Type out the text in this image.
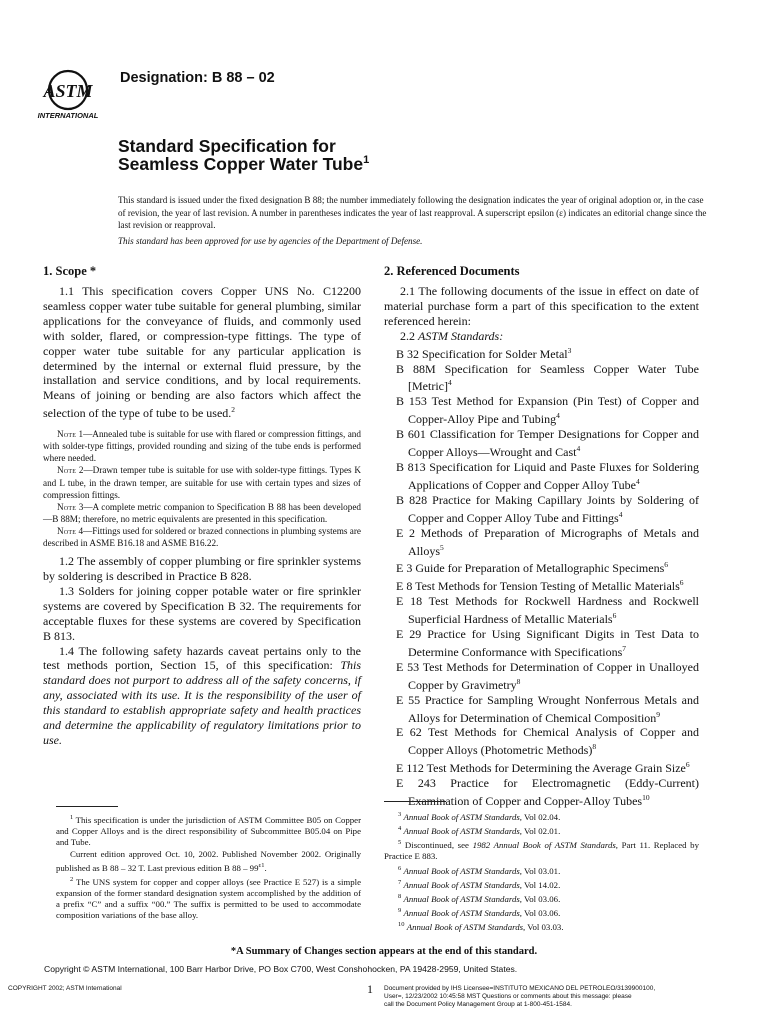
ASTM
INTERNATIONAL
Designation: B 88 – 02
Standard Specification for
Seamless Copper Water Tube$^1$
This standard is issued under the fixed designation B 88; the number immediately following the designation indicates the year of original adoption or, in the case of revision, the year of last revision. A number in parentheses indicates the year of last reapproval. A superscript epsilon (ε) indicates an editorial change since the last revision or reapproval.
This standard has been approved for use by agencies of the Department of Defense.
1. Scope *

1.1 This specification covers Copper UNS No. C12200 seamless copper water tube suitable for general plumbing, similar applications for the conveyance of fluids, and commonly used with solder, flared, or compression-type fittings. The type of copper water tube suitable for any particular application is determined by the internal or external fluid pressure, by the installation and service conditions, and by local requirements. Means of joining or bending are also factors which affect the selection of the type of tube to be used.$^2$

Note 1—Annealed tube is suitable for use with flared or compression fittings, and with solder-type fittings, provided rounding and sizing of the tube ends is performed where needed.

Note 2—Drawn temper tube is suitable for use with solder-type fittings. Types K and L tube, in the drawn temper, are suitable for use with certain types and sizes of compression fittings.

Note 3—A complete metric companion to Specification B 88 has been developed—B 88M; therefore, no metric equivalents are presented in this specification.

Note 4—Fittings used for soldered or brazed connections in plumbing systems are described in ASME B16.18 and ASME B16.22.

1.2 The assembly of copper plumbing or fire sprinkler systems by soldering is described in Practice B 828.

1.3 Solders for joining copper potable water or fire sprinkler systems are covered by Specification B 32. The requirements for acceptable fluxes for these systems are covered by Specification B 813.

1.4 The following safety hazards caveat pertains only to the test methods portion, Section 15, of this specification: This standard does not purport to address all of the safety concerns, if any, associated with its use. It is the responsibility of the user of this standard to establish appropriate safety and health practices and determine the applicability of regulatory limitations prior to use.

2. Referenced Documents

2.1 The following documents of the issue in effect on date of material purchase form a part of this specification to the extent referenced herein:

2.2 ASTM Standards:

B 32 Specification for Solder Metal$^3$

B 88M Specification for Seamless Copper Water Tube [Metric]$^4$

B 153 Test Method for Expansion (Pin Test) of Copper and Copper-Alloy Pipe and Tubing$^4$

B 601 Classification for Temper Designations for Copper and Copper Alloys—Wrought and Cast$^4$

B 813 Specification for Liquid and Paste Fluxes for Soldering Applications of Copper and Copper Alloy Tube$^4$

B 828 Practice for Making Capillary Joints by Soldering of Copper and Copper Alloy Tube and Fittings$^4$

E 2 Methods of Preparation of Micrographs of Metals and Alloys$^5$

E 3 Guide for Preparation of Metallographic Specimens$^6$

E 8 Test Methods for Tension Testing of Metallic Materials$^6$

E 18 Test Methods for Rockwell Hardness and Rockwell Superficial Hardness of Metallic Materials$^6$

E 29 Practice for Using Significant Digits in Test Data to Determine Conformance with Specifications$^7$

E 53 Test Methods for Determination of Copper in Unalloyed Copper by Gravimetry$^8$

E 55 Practice for Sampling Wrought Nonferrous Metals and Alloys for Determination of Chemical Composition$^9$

E 62 Test Methods for Chemical Analysis of Copper and Copper Alloys (Photometric Methods)$^8$

E 112 Test Methods for Determining the Average Grain Size$^6$

E 243 Practice for Electromagnetic (Eddy-Current) Examination of Copper and Copper-Alloy Tubes$^{10}$

$^1$ This specification is under the jurisdiction of ASTM Committee B05 on Copper and Copper Alloys and is the direct responsibility of Subcommittee B05.04 on Pipe and Tube.

Current edition approved Oct. 10, 2002. Published November 2002. Originally published as B 88 – 32 T. Last previous edition B $88 - 99^{\varepsilon 1}$.

$^2$ The UNS system for copper and copper alloys (see Practice E 527) is a simple expansion of the former standard designation system accomplished by the addition of a prefix “C” and a suffix “00.” The suffix is permitted to be used to accommodate composition variations of the base alloy.

$^3$ Annual Book of ASTM Standards, Vol 02.04.

$^4$ Annual Book of ASTM Standards, Vol 02.01.

$^5$ Discontinued, see 1982 Annual Book of ASTM Standards, Part 11. Replaced by Practice E 883.

$^6$ Annual Book of ASTM Standards, Vol 03.01.

$^7$ Annual Book of ASTM Standards, Vol 14.02.

$^8$ Annual Book of ASTM Standards, Vol 03.06.

$^9$ Annual Book of ASTM Standards, Vol 03.06.

$^{10}$ Annual Book of ASTM Standards, Vol 03.03.

*A Summary of Changes section appears at the end of this standard.
Copyright © ASTM International, 100 Barr Harbor Drive, PO Box C700, West Conshohocken, PA 19428-2959, United States.
COPYRIGHT 2002; ASTM International	1 Document provided by IHS Licensee=INSTITUTO MEXICANO DEL PETROLEO/3139900100,
User=, 12/23/2002 10:45:58 MST Questions or comments about this message: please
call the Document Policy Management Group at 1-800-451-1584.
